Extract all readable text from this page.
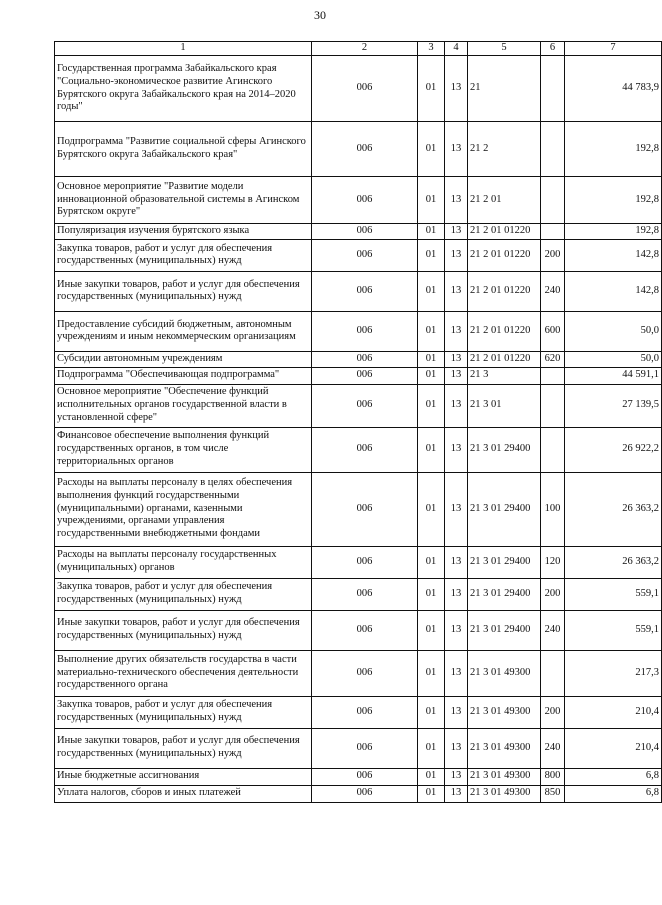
30
1	2	3	4	5	6	7
Государственная программа Забайкальского края "Социально-экономическое развитие Агинского Бурятского округа Забайкальского края на 2014–2020 годы"	006	01	13	21		44 783,9
Подпрограмма "Развитие социальной сферы Агинского Бурятского округа Забайкальского края"	006	01	13	21 2		192,8
Основное мероприятие "Развитие модели инновационной образовательной системы в Агинском Бурятском округе"	006	01	13	21 2 01		192,8
Популяризация изучения бурятского языка	006	01	13	21 2 01 01220		192,8
Закупка товаров, работ и услуг для обеспечения государственных (муниципальных) нужд	006	01	13	21 2 01 01220	200	142,8
Иные закупки товаров, работ и услуг для обеспечения государственных (муниципальных) нужд	006	01	13	21 2 01 01220	240	142,8
Предоставление субсидий бюджетным, автономным учреждениям и иным некоммерческим организациям	006	01	13	21 2 01 01220	600	50,0
Субсидии автономным учреждениям	006	01	13	21 2 01 01220	620	50,0
Подпрограмма "Обеспечивающая подпрограмма"	006	01	13	21 3		44 591,1
Основное мероприятие "Обеспечение функций исполнительных органов государственной власти в установленной сфере"	006	01	13	21 3 01		27 139,5
Финансовое обеспечение выполнения функций государственных органов, в том числе территориальных органов	006	01	13	21 3 01 29400		26 922,2
Расходы на выплаты персоналу в целях обеспечения выполнения функций государственными (муниципальными) органами, казенными учреждениями, органами управления государственными внебюджетными фондами	006	01	13	21 3 01 29400	100	26 363,2
Расходы на выплаты персоналу государственных (муниципальных) органов	006	01	13	21 3 01 29400	120	26 363,2
Закупка товаров, работ и услуг для обеспечения государственных (муниципальных) нужд	006	01	13	21 3 01 29400	200	559,1
Иные закупки товаров, работ и услуг для обеспечения государственных (муниципальных) нужд	006	01	13	21 3 01 29400	240	559,1
Выполнение других обязательств государства в части материально-технического обеспечения деятельности государственного органа	006	01	13	21 3 01 49300		217,3
Закупка товаров, работ и услуг для обеспечения государственных (муниципальных) нужд	006	01	13	21 3 01 49300	200	210,4
Иные закупки товаров, работ и услуг для обеспечения государственных (муниципальных) нужд	006	01	13	21 3 01 49300	240	210,4
Иные бюджетные ассигнования	006	01	13	21 3 01 49300	800	6,8
Уплата налогов, сборов и иных платежей	006	01	13	21 3 01 49300	850	6,8
